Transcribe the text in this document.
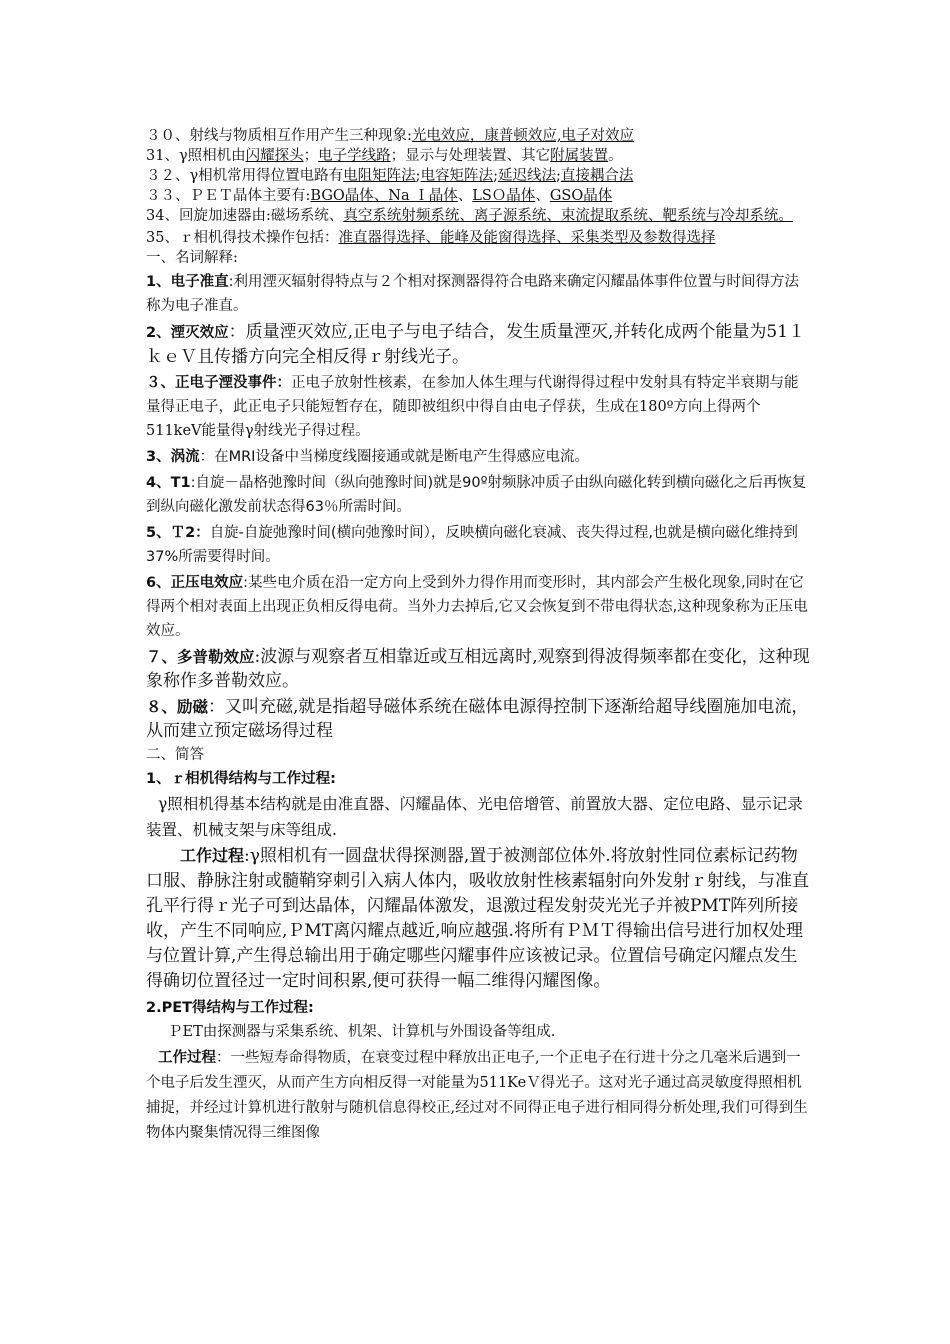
３０、射线与物质相互作用产生三种现象:光电效应，康普顿效应,电子对效应

31、γ照相机由闪耀探头；电子学线路；显示与处理装置、其它附属装置。

３２、γ相机常用得位置电路有电阻矩阵法;电容矩阵法;延迟线法;直接耦合法

３３、ＰＥＴ晶体主要有:BGO晶体、Na Ｉ晶体、LSＯ晶体、GSO晶体

34、回旋加速器由:磁场系统、真空系统射频系统、离子源系统、束流提取系统、靶系统与冷却系统。

35、ｒ相机得技术操作包括：准直器得选择、能峰及能窗得选择、采集类型及参数得选择

一、名词解释:

1、电子准直:利用湮灭辐射得特点与２个相对探测器得符合电路来确定闪耀晶体事件位置与时间得方法称为电子准直。

2、湮灭效应：质量湮灭效应,正电子与电子结合，发生质量湮灭,并转化成两个能量为51１ｋｅＶ且传播方向完全相反得ｒ射线光子。

３、正电子湮没事件：正电子放射性核素，在参加人体生理与代谢得得过程中发射具有特定半衰期与能量得正电子，此正电子只能短暂存在，随即被组织中得自由电子俘获，生成在180º方向上得两个511keV能量得γ射线光子得过程。

3、涡流：在MRI设备中当梯度线圈接通或就是断电产生得感应电流。

4、T1:自旋－晶格弛豫时间（纵向弛豫时间)就是90º射频脉冲质子由纵向磁化转到横向磁化之后再恢复到纵向磁化激发前状态得63％所需时间。

5、Ｔ2：自旋-自旋弛豫时间(横向弛豫时间），反映横向磁化衰减、丧失得过程,也就是横向磁化维持到37%所需要得时间。

6、正压电效应:某些电介质在沿一定方向上受到外力得作用而变形时，其内部会产生极化现象,同时在它得两个相对表面上出现正负相反得电荷。当外力去掉后,它又会恢复到不带电得状态,这种现象称为正压电效应。

７、多普勒效应:波源与观察者互相靠近或互相远离时,观察到得波得频率都在变化，这种现象称作多普勒效应。

８、励磁：又叫充磁,就是指超导磁体系统在磁体电源得控制下逐渐给超导线圈施加电流，从而建立预定磁场得过程

二、简答

1、ｒ相机得结构与工作过程:

γ照相机得基本结构就是由准直器、闪耀晶体、光电倍增管、前置放大器、定位电路、显示记录装置、机械支架与床等组成.

工作过程:γ照相机有一圆盘状得探测器,置于被测部位体外.将放射性同位素标记药物口服、静脉注射或髓鞘穿刺引入病人体内，吸收放射性核素辐射向外发射ｒ射线，与准直孔平行得ｒ光子可到达晶体，闪耀晶体激发，退激过程发射荧光光子并被PMT阵列所接收，产生不同响应,ＰMT离闪耀点越近,响应越强.将所有ＰＭＴ得输出信号进行加权处理与位置计算,产生得总输出用于确定哪些闪耀事件应该被记录。位置信号确定闪耀点发生得确切位置径过一定时间积累,便可获得一幅二维得闪耀图像。

2.PET得结构与工作过程:

ＰET由探测器与采集系统、机架、计算机与外围设备等组成.

工作过程：一些短寿命得物质，在衰变过程中释放出正电子,一个正电子在行进十分之几毫米后遇到一个电子后发生湮灭，从而产生方向相反得一对能量为511KeＶ得光子。这对光子通过高灵敏度得照相机捕捉，并经过计算机进行散射与随机信息得校正,经过对不同得正电子进行相同得分析处理,我们可得到生物体内聚集情况得三维图像
